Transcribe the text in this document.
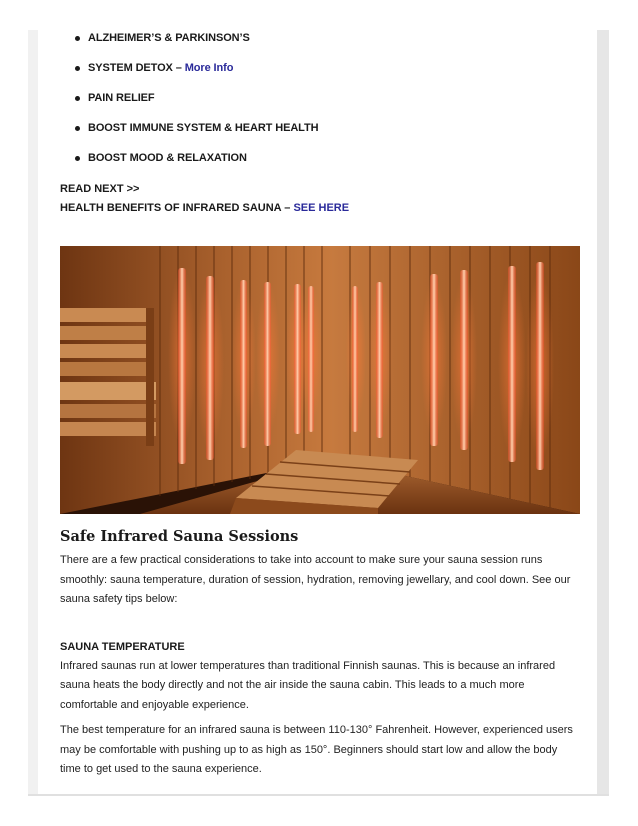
ALZHEIMER’S & PARKINSON’S
SYSTEM DETOX – More Info
PAIN RELIEF
BOOST IMMUNE SYSTEM & HEART HEALTH
BOOST MOOD & RELAXATION
READ NEXT >>
HEALTH BENEFITS OF INFRARED SAUNA – SEE HERE
Safe Infrared Sauna Sessions

There are a few practical considerations to take into account to make sure your sauna session runs smoothly: sauna temperature, duration of session, hydration, removing jewellary, and cool down. See our sauna safety tips below:

SAUNA TEMPERATURE

Infrared saunas run at lower temperatures than traditional Finnish saunas. This is because an infrared sauna heats the body directly and not the air inside the sauna cabin. This leads to a much more comfortable and enjoyable experience.

The best temperature for an infrared sauna is between 110-130° Fahrenheit. However, experienced users may be comfortable with pushing up to as high as 150°. Beginners should start low and allow the body time to get used to the sauna experience.
